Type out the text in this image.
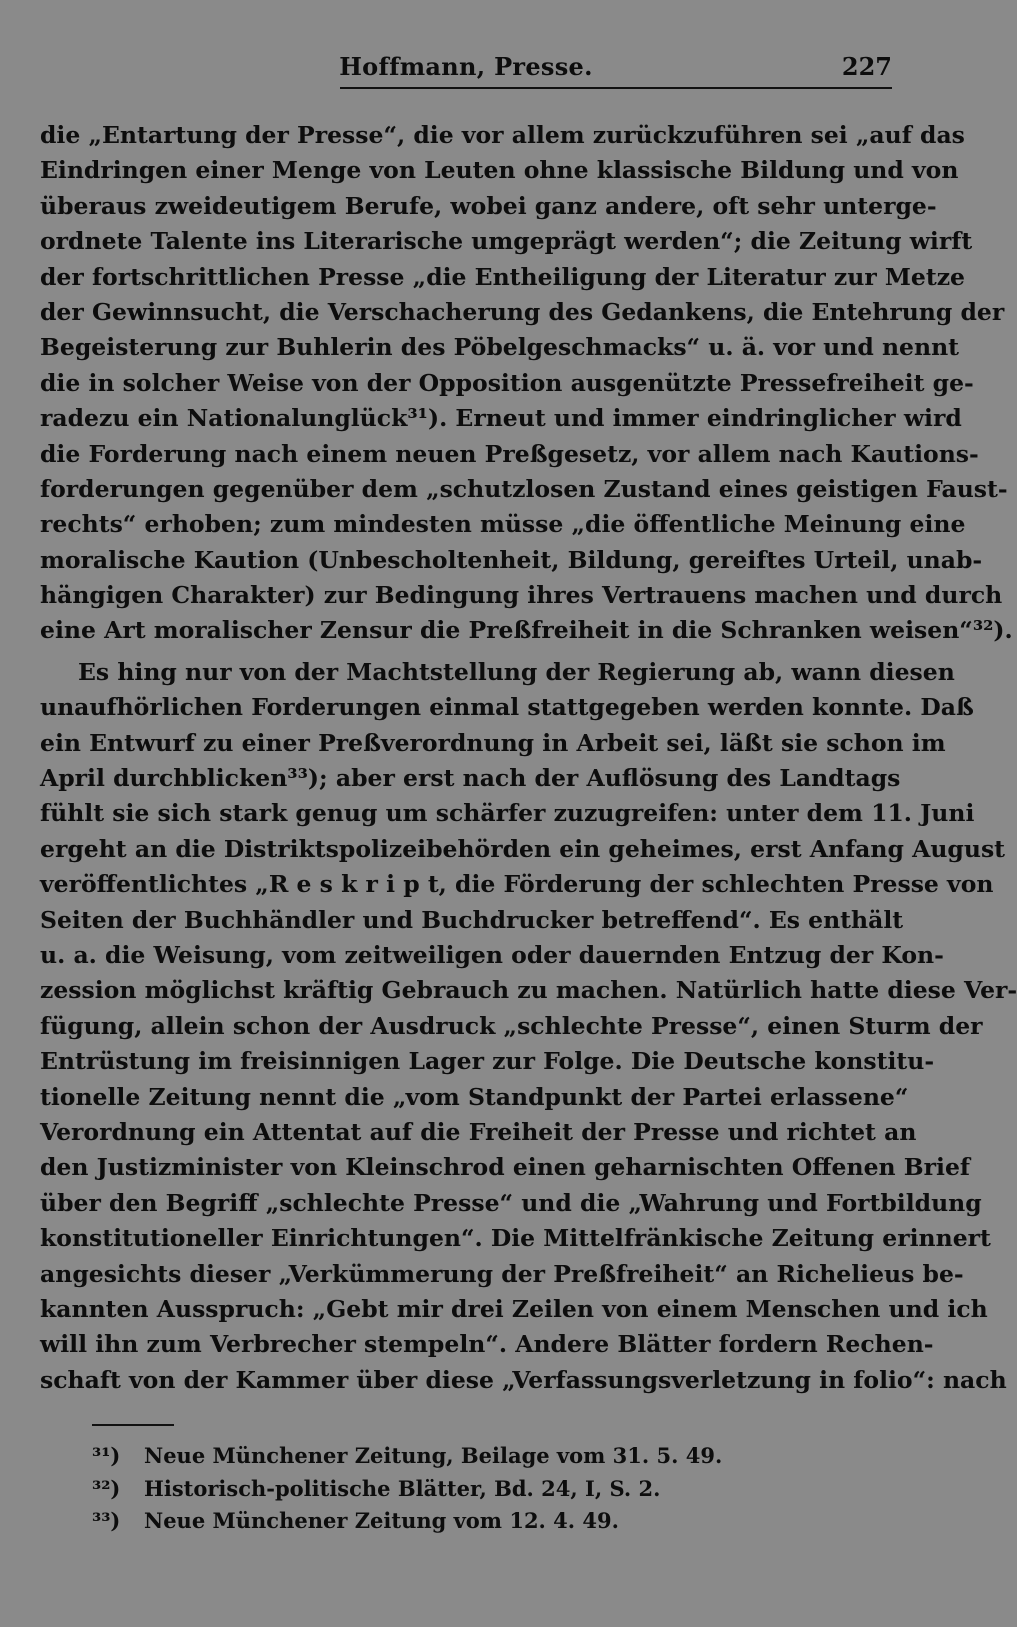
Hoffmann, Presse.	227
die „Entartung der Presse“, die vor allem zurückzuführen sei „auf das
Eindringen einer Menge von Leuten ohne klassische Bildung und von
überaus zweideutigem Berufe, wobei ganz andere, oft sehr unterge-
ordnete Talente ins Literarische umgeprägt werden“; die Zeitung wirft
der fortschrittlichen Presse „die Entheiligung der Literatur zur Metze
der Gewinnsucht, die Verschacherung des Gedankens, die Entehrung der
Begeisterung zur Buhlerin des Pöbelgeschmacks“ u. ä. vor und nennt
die in solcher Weise von der Opposition ausgenützte Pressefreiheit ge-
radezu ein Nationalunglück³¹). Erneut und immer eindringlicher wird
die Forderung nach einem neuen Preßgesetz, vor allem nach Kautions-
forderungen gegenüber dem „schutzlosen Zustand eines geistigen Faust-
rechts“ erhoben; zum mindesten müsse „die öffentliche Meinung eine
moralische Kaution (Unbescholtenheit, Bildung, gereiftes Urteil, unab-
hängigen Charakter) zur Bedingung ihres Vertrauens machen und durch
eine Art moralischer Zensur die Preßfreiheit in die Schranken weisen“³²).
Es hing nur von der Machtstellung der Regierung ab, wann diesen
unaufhörlichen Forderungen einmal stattgegeben werden konnte. Daß
ein Entwurf zu einer Preßverordnung in Arbeit sei, läßt sie schon im
April durchblicken³³); aber erst nach der Auflösung des Landtags
fühlt sie sich stark genug um schärfer zuzugreifen: unter dem 11. Juni
ergeht an die Distriktspolizeibehörden ein geheimes, erst Anfang August
veröffentlichtes „R e s k r i p t, die Förderung der schlechten Presse von
Seiten der Buchhändler und Buchdrucker betreffend“. Es enthält
u. a. die Weisung, vom zeitweiligen oder dauernden Entzug der Kon-
zession möglichst kräftig Gebrauch zu machen. Natürlich hatte diese Ver-
fügung, allein schon der Ausdruck „schlechte Presse“, einen Sturm der
Entrüstung im freisinnigen Lager zur Folge. Die Deutsche konstitu-
tionelle Zeitung nennt die „vom Standpunkt der Partei erlassene“
Verordnung ein Attentat auf die Freiheit der Presse und richtet an
den Justizminister von Kleinschrod einen geharnischten Offenen Brief
über den Begriff „schlechte Presse“ und die „Wahrung und Fortbildung
konstitutioneller Einrichtungen“. Die Mittelfränkische Zeitung erinnert
angesichts dieser „Verkümmerung der Preßfreiheit“ an Richelieus be-
kannten Ausspruch: „Gebt mir drei Zeilen von einem Menschen und ich
will ihn zum Verbrecher stempeln“. Andere Blätter fordern Rechen-
schaft von der Kammer über diese „Verfassungsverletzung in folio“: nach
³¹) Neue Münchener Zeitung, Beilage vom 31. 5. 49.
³²) Historisch-politische Blätter, Bd. 24, I, S. 2.
³³) Neue Münchener Zeitung vom 12. 4. 49.
